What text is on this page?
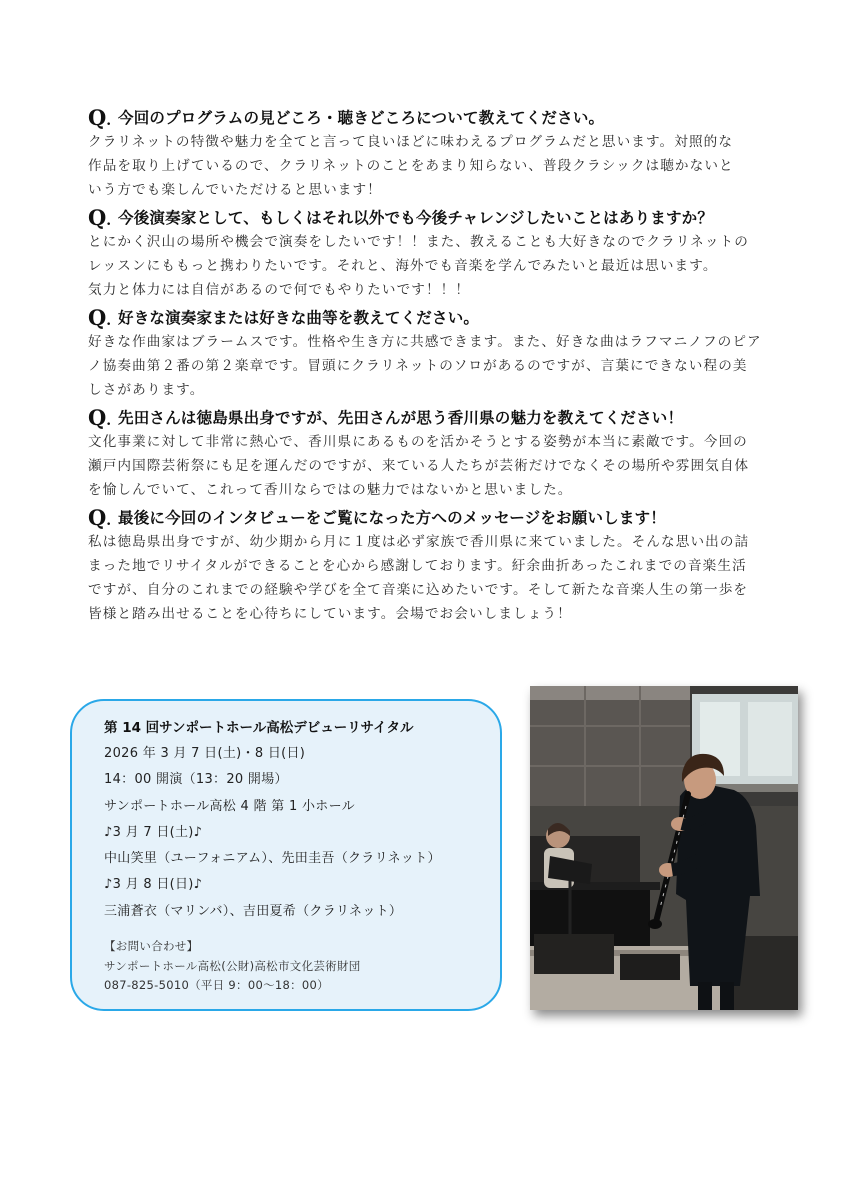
Q. 今回のプログラムの見どころ・聴きどころについて教えてください。

クラリネットの特徴や魅力を全てと言って良いほどに味わえるプログラムだと思います。対照的な
作品を取り上げているので、クラリネットのことをあまり知らない、普段クラシックは聴かないと
いう方でも楽しんでいただけると思います！

Q. 今後演奏家として、もしくはそれ以外でも今後チャレンジしたいことはありますか？

とにかく沢山の場所や機会で演奏をしたいです！！また、教えることも大好きなのでクラリネットの
レッスンにももっと携わりたいです。それと、海外でも音楽を学んでみたいと最近は思います。
気力と体力には自信があるので何でもやりたいです！！！

Q. 好きな演奏家または好きな曲等を教えてください。

好きな作曲家はブラームスです。性格や生き方に共感できます。また、好きな曲はラフマニノフのピア
ノ協奏曲第２番の第２楽章です。冒頭にクラリネットのソロがあるのですが、言葉にできない程の美
しさがあります。

Q. 先田さんは徳島県出身ですが、先田さんが思う香川県の魅力を教えてください！

文化事業に対して非常に熱心で、香川県にあるものを活かそうとする姿勢が本当に素敵です。今回の
瀬戸内国際芸術祭にも足を運んだのですが、来ている人たちが芸術だけでなくその場所や雰囲気自体
を愉しんでいて、これって香川ならではの魅力ではないかと思いました。

Q. 最後に今回のインタビューをご覧になった方へのメッセージをお願いします！

私は徳島県出身ですが、幼少期から月に１度は必ず家族で香川県に来ていました。そんな思い出の詰
まった地でリサイタルができることを心から感謝しております。紆余曲折あったこれまでの音楽生活
ですが、自分のこれまでの経験や学びを全て音楽に込めたいです。そして新たな音楽人生の第一歩を
皆様と踏み出せることを心待ちにしています。会場でお会いしましょう！

第 14 回サンポートホール高松デビューリサイタル
2026 年 3 月 7 日(土)・8 日(日)
14：00 開演（13：20 開場）
サンポートホール高松 4 階 第 1 小ホール
♪3 月 7 日(土)♪
中山笑里（ユーフォニアム）、先田圭吾（クラリネット）
♪3 月 8 日(日)♪
三浦蒼衣（マリンバ）、吉田夏希（クラリネット）
【お問い合わせ】
サンポートホール高松(公財)高松市文化芸術財団
087-825-5010（平日 9：00～18：00）
